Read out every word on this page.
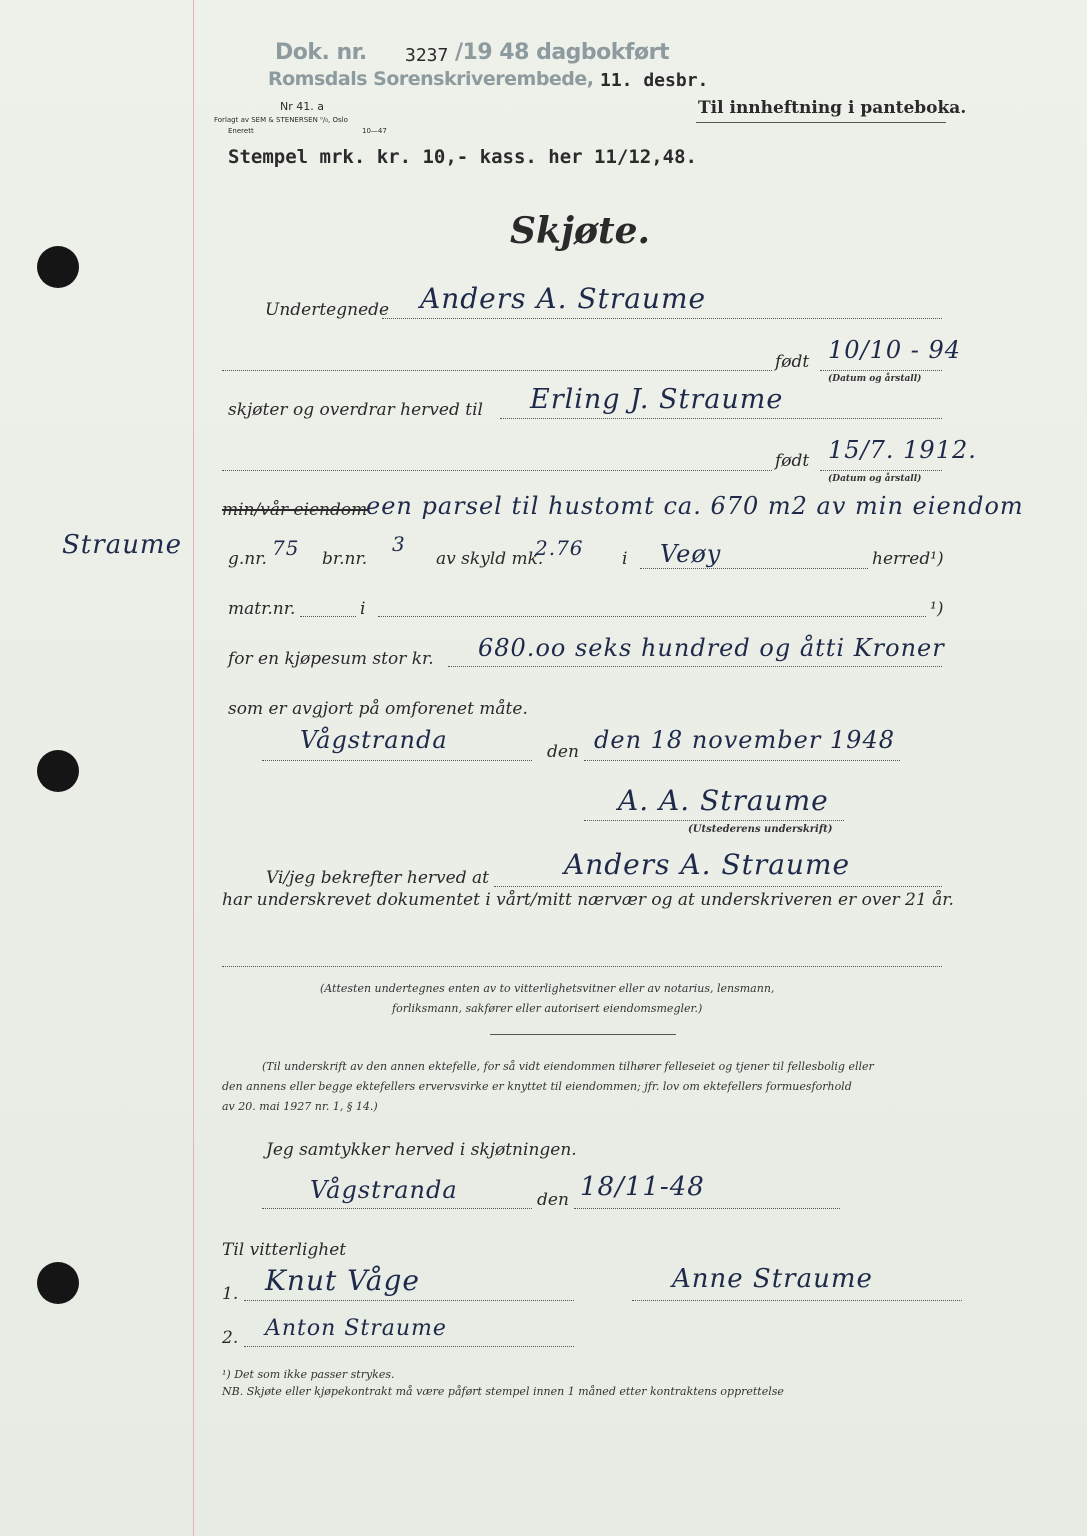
Dok. nr. 3237 /19 48 dagbokført
Romsdals Sorenskriverembede, 11. desbr.
Nr 41. a
Forlagt av SEM & STENERSEN ⁰/₀, Oslo
Enerett	10—47
Til innheftning i panteboka.
Stempel mrk. kr. 10,- kass. her 11/12,48.
Skjøte.
Undertegnede Anders A. Straume
født 10/10 - 94
(Datum og årstall)
skjøter og overdrar herved til Erling J. Straume
født 15/7. 1912.
(Datum og årstall)
min/vår eiendom
een parsel til hustomt ca. 670 m2 av min eiendom
Straume	g.nr. 75 br.nr.
3
av skyld mk.
2.76 i Veøy	herred¹)
matr.nr.	i	¹)
for en kjøpesum stor kr. 680.oo seks hundred og åtti Kroner
som er avgjort på omforenet måte.
Vågstranda	den den 18 november 1948
A. A. Straume
(Utstederens underskrift)
Vi/jeg bekrefter herved at	Anders A. Straume
har underskrevet dokumentet i vårt/mitt nærvær og at underskriveren er over 21 år.
(Attesten undertegnes enten av to vitterlighetsvitner eller av notarius, lensmann,
forliksmann, sakfører eller autorisert eiendomsmegler.)
(Til underskrift av den annen ektefelle, for så vidt eiendommen tilhører felleseiet og tjener til fellesbolig eller
den annens eller begge ektefellers ervervsvirke er knyttet til eiendommen; jfr. lov om ektefellers formuesforhold
av 20. mai 1927 nr. 1, § 14.)
Jeg samtykker herved i skjøtningen.
Vågstranda	den 18/11-48
Til vitterlighet
1. Knut Våge	Anne Straume
2. Anton Straume
¹) Det som ikke passer strykes.
NB. Skjøte eller kjøpekontrakt må være påført stempel innen 1 måned etter kontraktens opprettelse
